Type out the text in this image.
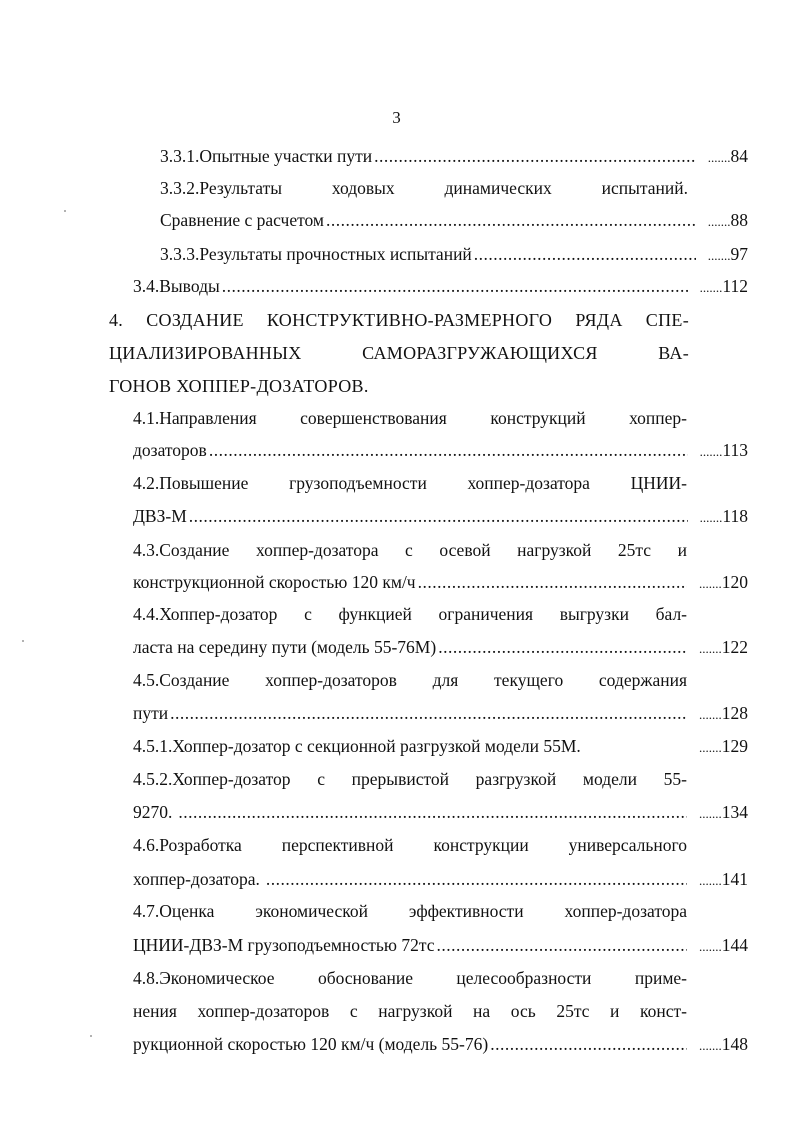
3
3.3.1.Опытные участки пути .....	....... 84
3.3.2.Результаты ходовых динамических испытаний.
Сравнение с расчетом .....	....... 88
3.3.3.Результаты прочностных испытаний .....	....... 97
3.4.Выводы .....	....... 112
4. СОЗДАНИЕ КОНСТРУКТИВНО-РАЗМЕРНОГО РЯДА СПЕ-
ЦИАЛИЗИРОВАННЫХ САМОРАЗГРУЖАЮЩИХСЯ ВА-
ГОНОВ ХОППЕР-ДОЗАТОРОВ.
4.1.Направления совершенствования конструкций хоппер-
дозаторов .....	....... 113
4.2.Повышение грузоподъемности хоппер-дозатора ЦНИИ-
ДВЗ-М .....	....... 118
4.3.Создание хоппер-дозатора с осевой нагрузкой 25тс и
конструкционной скоростью 120 км/ч .....	....... 120
4.4.Хоппер-дозатор с функцией ограничения выгрузки бал-
ласта на середину пути (модель 55-76М) .....	....... 122
4.5.Создание хоппер-дозаторов для текущего содержания
пути .....	....... 128
4.5.1.Хоппер-дозатор с секционной разгрузкой модели 55М.	....... 129
4.5.2.Хоппер-дозатор с прерывистой разгрузкой модели 55-
9270. .....	....... 134
4.6.Розработка перспективной конструкции универсального
хоппер-дозатора. .....	....... 141
4.7.Оценка экономической эффективности хоппер-дозатора
ЦНИИ-ДВЗ-М грузоподъемностью 72тс .....	....... 144
4.8.Экономическое обоснование целесообразности приме-
нения хоппер-дозаторов с нагрузкой на ось 25тс и конст-
рукционной скоростью 120 км/ч (модель 55-76) .....	....... 148
